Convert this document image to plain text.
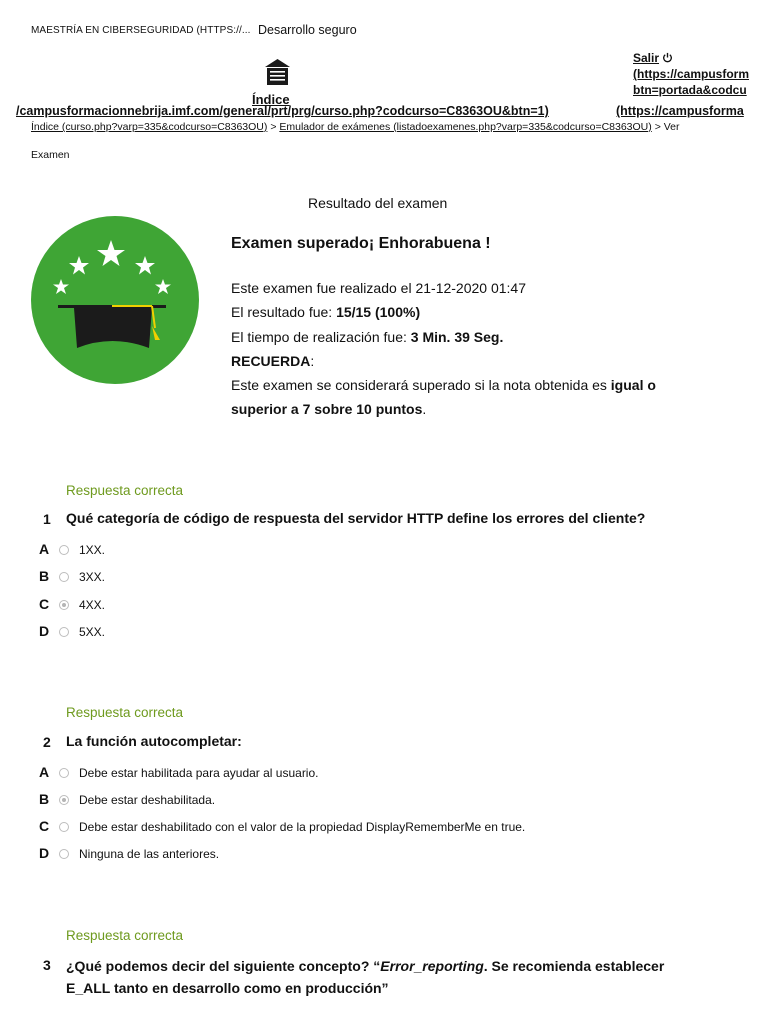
MAESTRÍA EN CIBERSEGURIDAD (HTTPS://... Desarrollo seguro
Índice
Salir
(https://campusform
btn=portada&codcu
/campusformacionnebrija.imf.com/general/prt/prg/curso.php?codcurso=C8363OU&btn=1)	(https://campusforma
Índice (curso.php?varp=335&codcurso=C8363OU) > Emulador de exámenes (listadoexamenes.php?varp=335&codcurso=C8363OU) > Ver
Examen
Resultado del examen
Examen superado¡ Enhorabuena !
Este examen fue realizado el 21-12-2020 01:47
El resultado fue: 15/15 (100%)
El tiempo de realización fue: 3 Min. 39 Seg.
RECUERDA:
Este examen se considerará superado si la nota obtenida es igual o
superior a 7 sobre 10 puntos.
Respuesta correcta
1 Qué categoría de código de respuesta del servidor HTTP define los errores del cliente?
A	1XX.
B	3XX.
C	4XX.
D	5XX.
Respuesta correcta
2 La función autocompletar:
A	Debe estar habilitada para ayudar al usuario.
B	Debe estar deshabilitada.
C	Debe estar deshabilitado con el valor de la propiedad DisplayRememberMe en true.
D	Ninguna de las anteriores.
Respuesta correcta
3 ¿Qué podemos decir del siguiente concepto? “Error_reporting. Se recomienda establecer
E_ALL tanto en desarrollo como en producción”
